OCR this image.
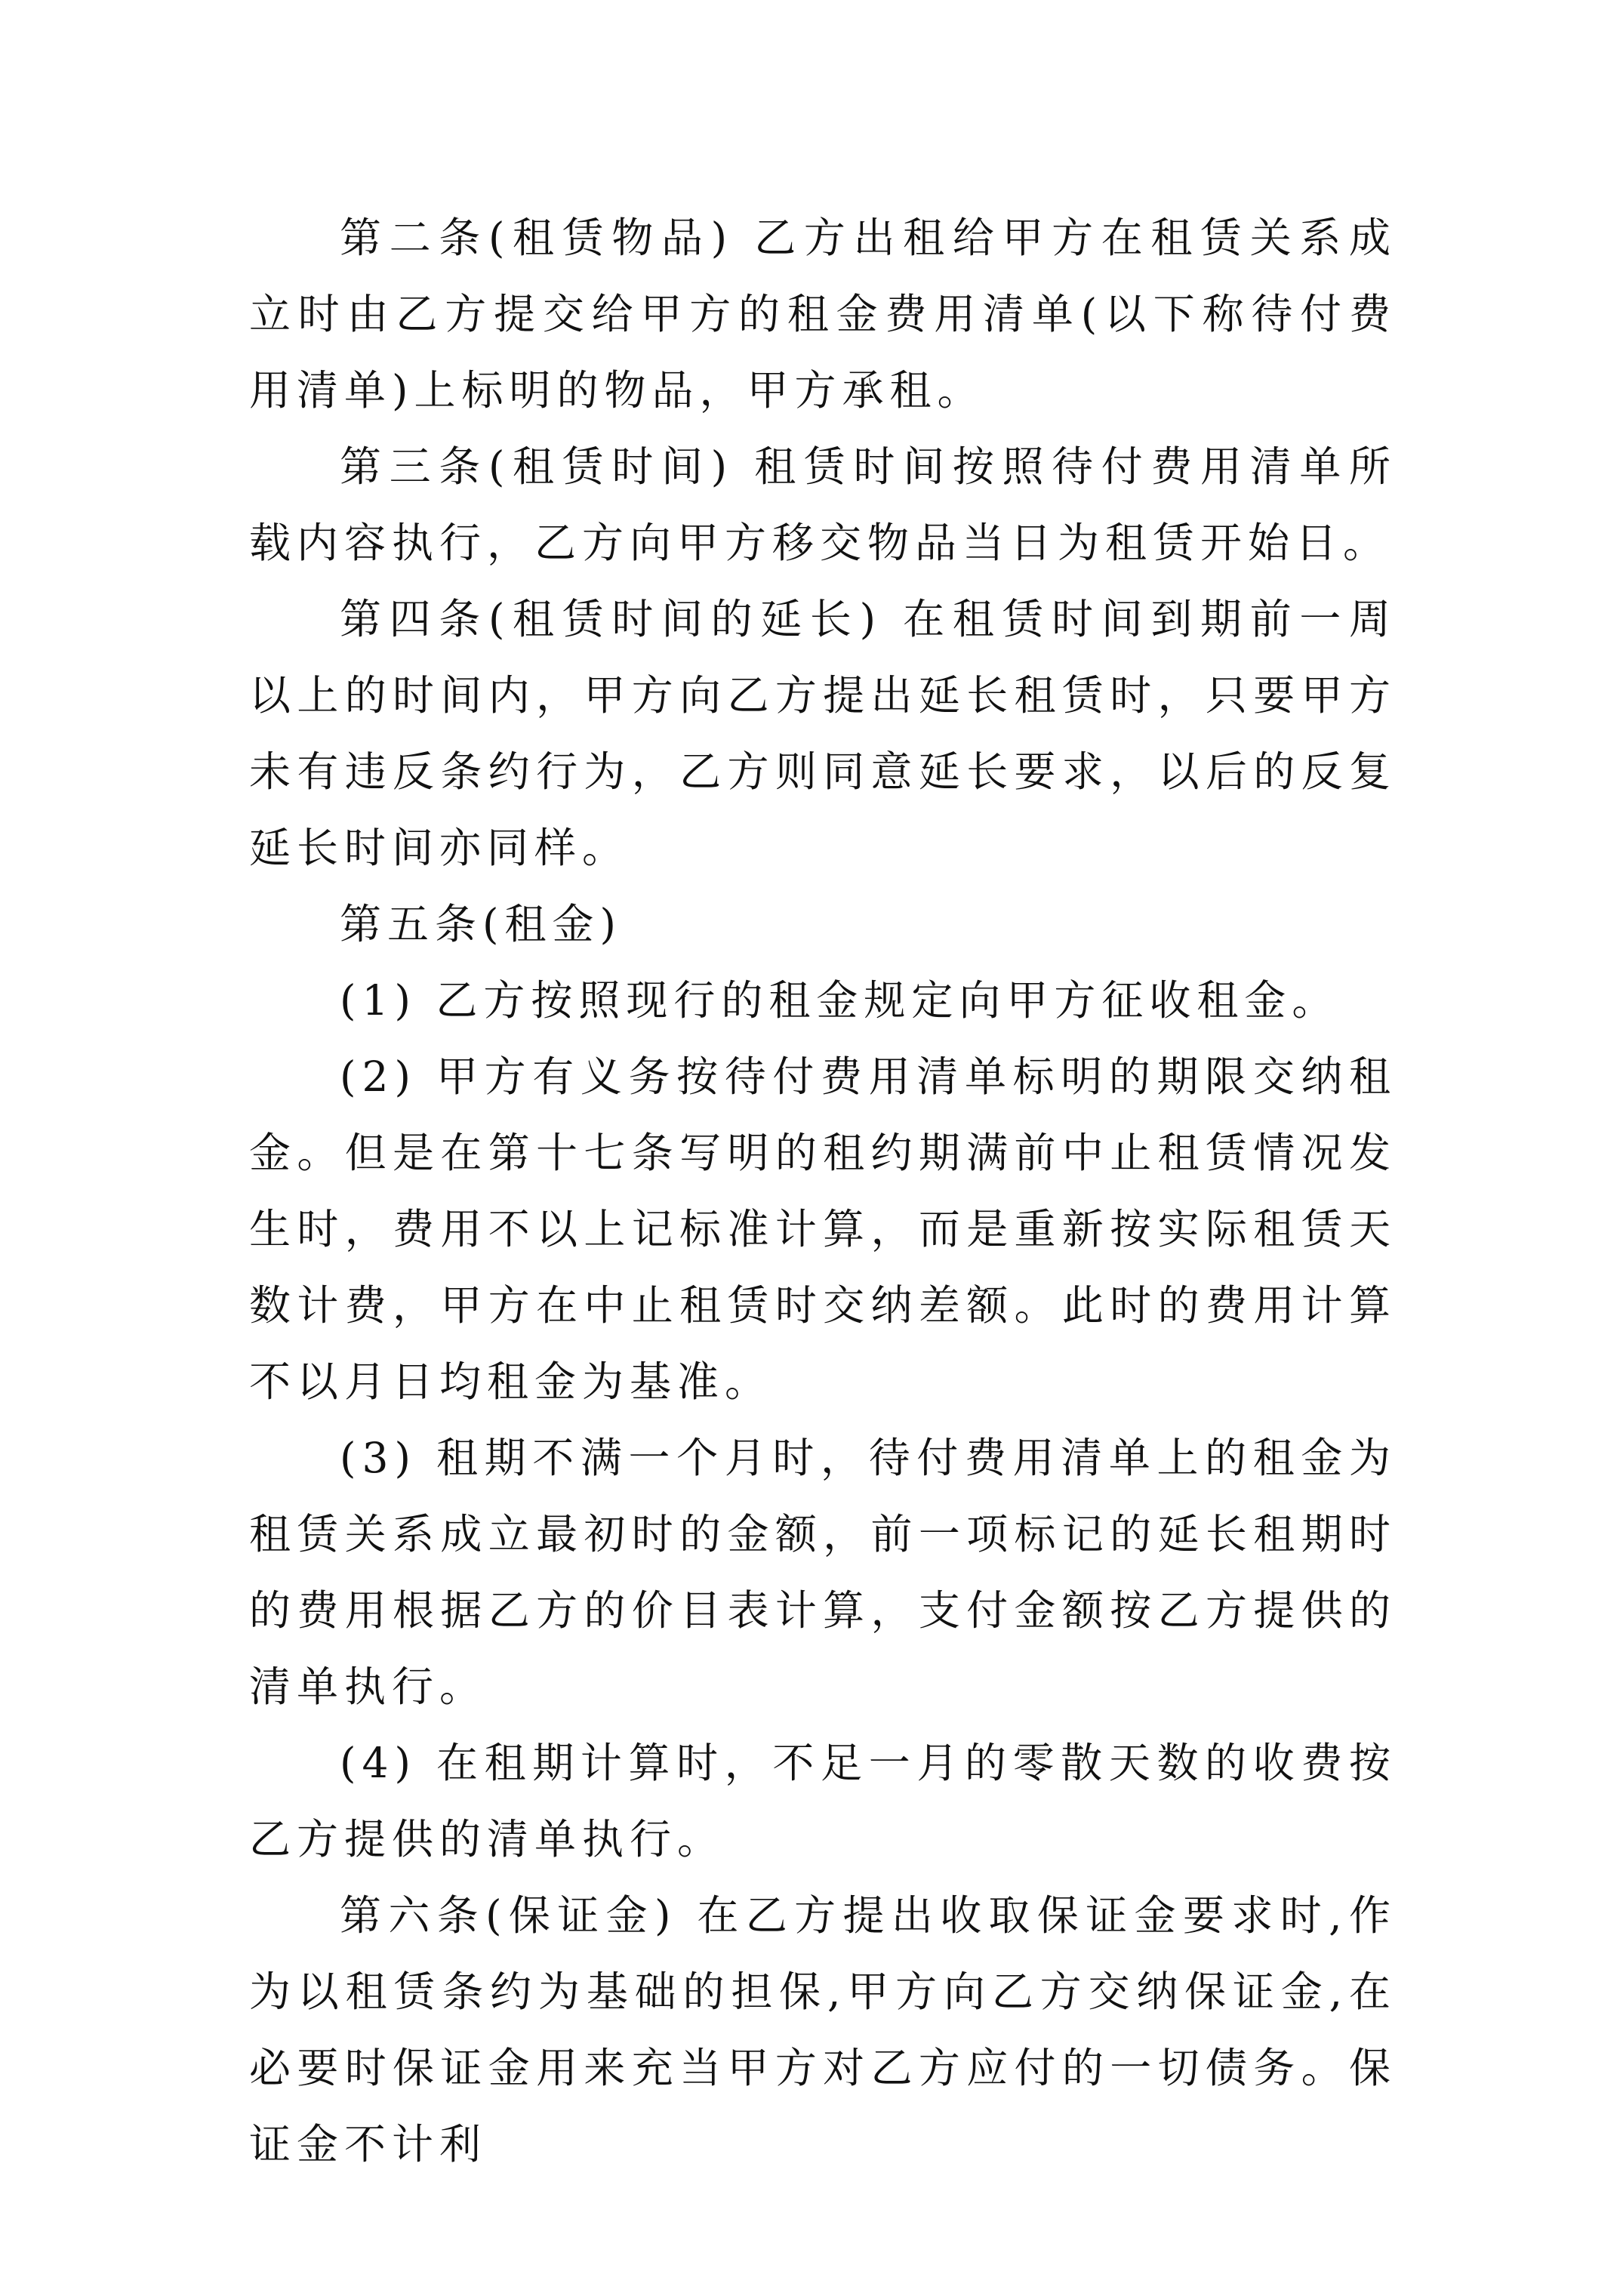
第二条(租赁物品) 乙方出租给甲方在租赁关系成立时由乙方提交给甲方的租金费用清单(以下称待付费用清单)上标明的物品，甲方承租。

第三条(租赁时间) 租赁时间按照待付费用清单所载内容执行，乙方向甲方移交物品当日为租赁开始日。

第四条(租赁时间的延长) 在租赁时间到期前一周以上的时间内，甲方向乙方提出延长租赁时，只要甲方未有违反条约行为，乙方则同意延长要求，以后的反复延长时间亦同样。

第五条(租金)

(1) 乙方按照现行的租金规定向甲方征收租金。

(2) 甲方有义务按待付费用清单标明的期限交纳租金。但是在第十七条写明的租约期满前中止租赁情况发生时，费用不以上记标准计算，而是重新按实际租赁天数计费，甲方在中止租赁时交纳差额。此时的费用计算不以月日均租金为基准。

(3) 租期不满一个月时，待付费用清单上的租金为租赁关系成立最初时的金额，前一项标记的延长租期时的费用根据乙方的价目表计算，支付金额按乙方提供的清单执行。

(4) 在租期计算时，不足一月的零散天数的收费按乙方提供的清单执行。

第六条(保证金) 在乙方提出收取保证金要求时,作为以租赁条约为基础的担保,甲方向乙方交纳保证金,在必要时保证金用来充当甲方对乙方应付的一切债务。保证金不计利
